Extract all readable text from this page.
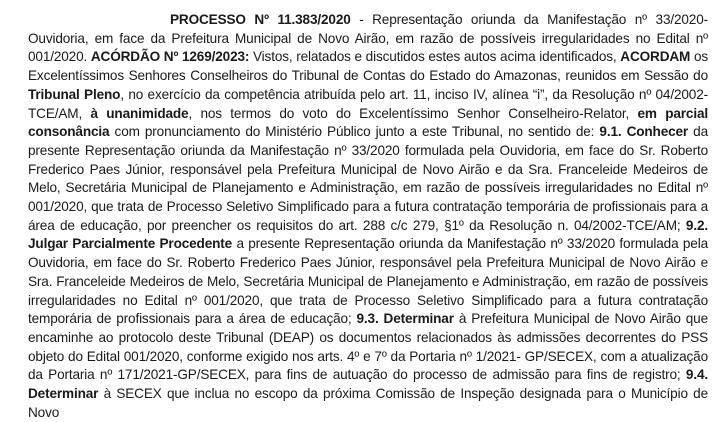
PROCESSO Nº 11.383/2020 - Representação oriunda da Manifestação nº 33/2020-Ouvidoria, em face da Prefeitura Municipal de Novo Airão, em razão de possíveis irregularidades no Edital nº 001/2020. ACÓRDÃO Nº 1269/2023: Vistos, relatados e discutidos estes autos acima identificados, ACORDAM os Excelentíssimos Senhores Conselheiros do Tribunal de Contas do Estado do Amazonas, reunidos em Sessão do Tribunal Pleno, no exercício da competência atribuída pelo art. 11, inciso IV, alínea “i”, da Resolução nº 04/2002-TCE/AM, à unanimidade, nos termos do voto do Excelentíssimo Senhor Conselheiro-Relator, em parcial consonância com pronunciamento do Ministério Público junto a este Tribunal, no sentido de: 9.1. Conhecer da presente Representação oriunda da Manifestação nº 33/2020 formulada pela Ouvidoria, em face do Sr. Roberto Frederico Paes Júnior, responsável pela Prefeitura Municipal de Novo Airão e da Sra. Franceleide Medeiros de Melo, Secretária Municipal de Planejamento e Administração, em razão de possíveis irregularidades no Edital nº 001/2020, que trata de Processo Seletivo Simplificado para a futura contratação temporária de profissionais para a área de educação, por preencher os requisitos do art. 288 c/c 279, §1º da Resolução n. 04/2002-TCE/AM; 9.2. Julgar Parcialmente Procedente a presente Representação oriunda da Manifestação nº 33/2020 formulada pela Ouvidoria, em face do Sr. Roberto Frederico Paes Júnior, responsável pela Prefeitura Municipal de Novo Airão e Sra. Franceleide Medeiros de Melo, Secretária Municipal de Planejamento e Administração, em razão de possíveis irregularidades no Edital nº 001/2020, que trata de Processo Seletivo Simplificado para a futura contratação temporária de profissionais para a área de educação; 9.3. Determinar à Prefeitura Municipal de Novo Airão que encaminhe ao protocolo deste Tribunal (DEAP) os documentos relacionados às admissões decorrentes do PSS objeto do Edital 001/2020, conforme exigido nos arts. 4º e 7º da Portaria nº 1/2021- GP/SECEX, com a atualização da Portaria nº 171/2021-GP/SECEX, para fins de autuação do processo de admissão para fins de registro; 9.4. Determinar à SECEX que inclua no escopo da próxima Comissão de Inspeção designada para o Município de Novo
